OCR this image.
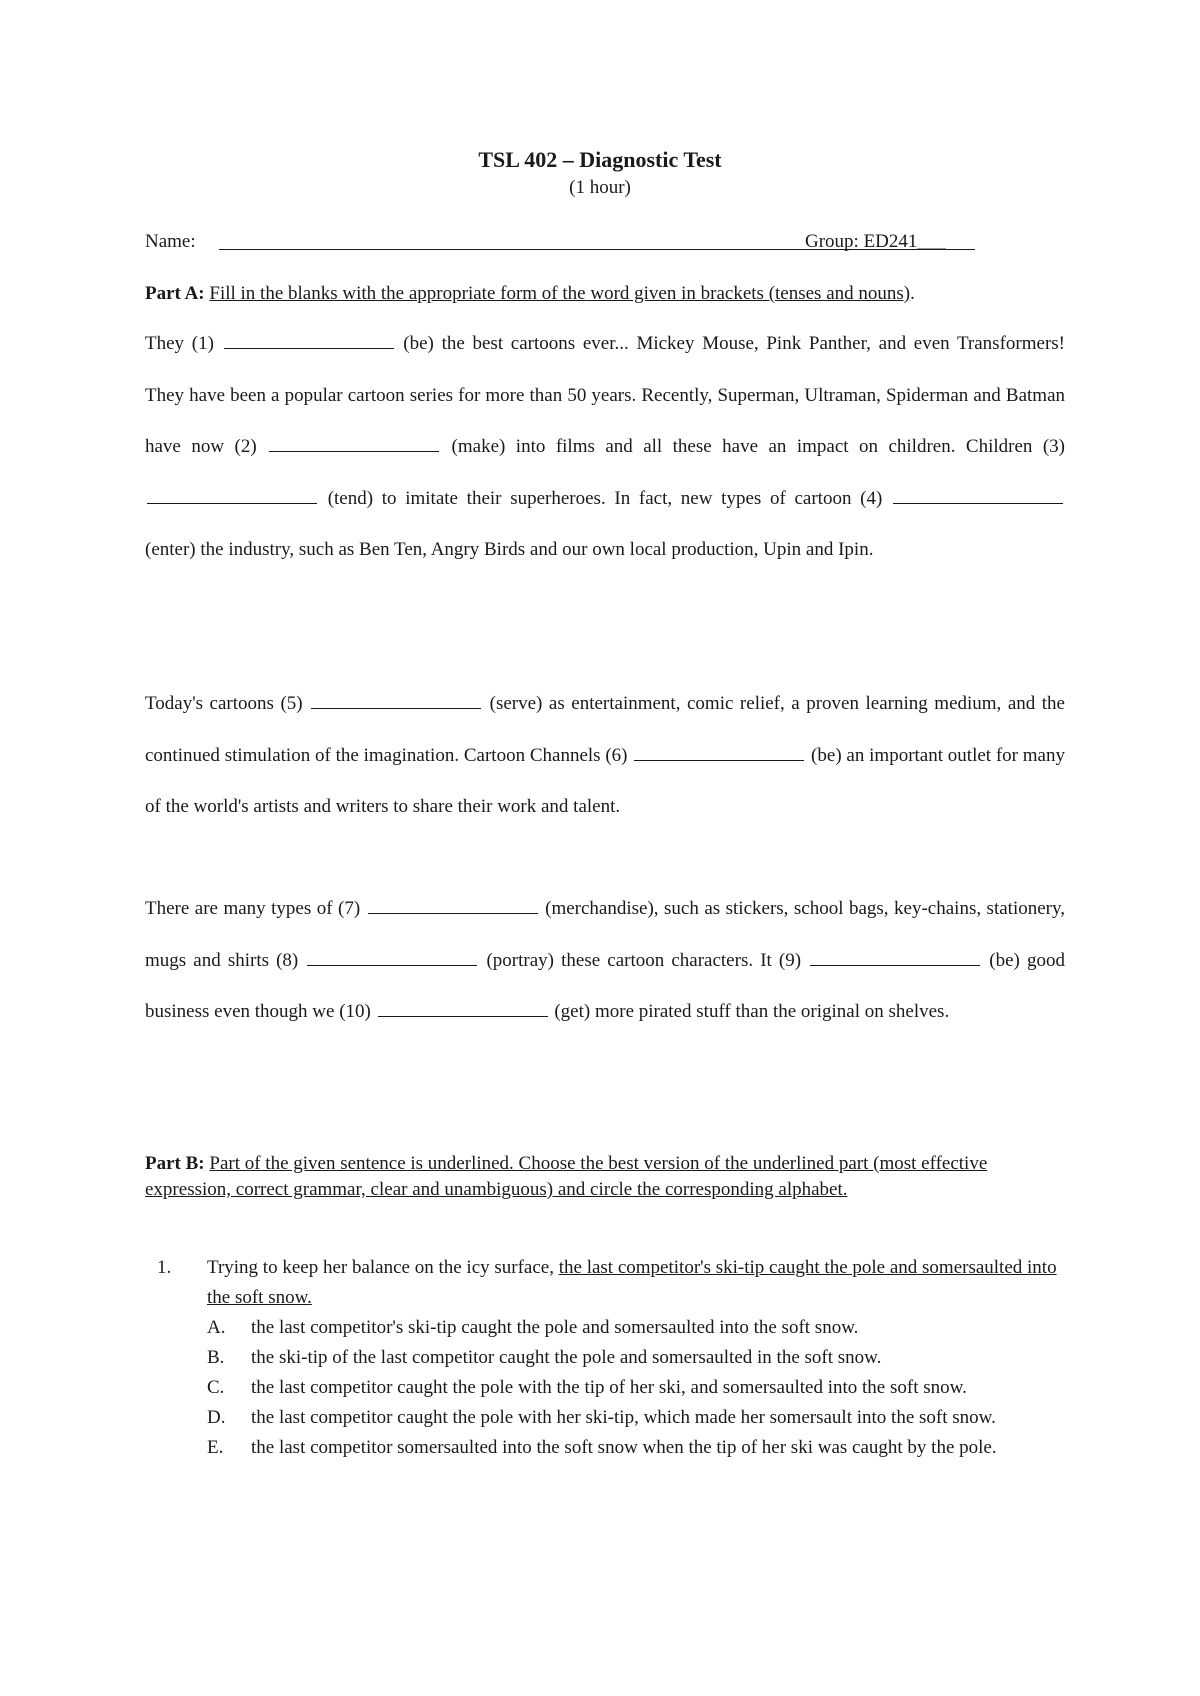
TSL 402 – Diagnostic Test
(1 hour)
Name:	Group: ED241___
Part A: Fill in the blanks with the appropriate form of the word given in brackets (tenses and nouns).

They (1)	(be) the best cartoons ever... Mickey Mouse, Pink Panther, and even Transformers! They have been a popular cartoon series for more than 50 years. Recently, Superman, Ultraman, Spiderman and Batman have now (2)	(make) into films and all these have an impact on children. Children (3)  (tend) to imitate their superheroes. In fact, new types of cartoon (4)  (enter) the industry, such as Ben Ten, Angry Birds and our own local production, Upin and Ipin.

Today's cartoons (5)	(serve) as entertainment, comic relief, a proven learning medium, and the continued stimulation of the imagination. Cartoon Channels (6)	(be) an important outlet for many of the world's artists and writers to share their work and talent.

There are many types of (7)	(merchandise), such as stickers, school bags, key-chains, stationery, mugs and shirts (8)	(portray) these cartoon characters. It (9)	(be) good business even though we (10)	(get) more pirated stuff than the original on shelves.

Part B: Part of the given sentence is underlined. Choose the best version of the underlined part (most effective expression, correct grammar, clear and unambiguous) and circle the corresponding alphabet.
1. Trying to keep her balance on the icy surface, the last competitor's ski-tip caught the pole and somersaulted into the soft snow.
A. the last competitor's ski-tip caught the pole and somersaulted into the soft snow.
B. the ski-tip of the last competitor caught the pole and somersaulted in the soft snow.
C. the last competitor caught the pole with the tip of her ski, and somersaulted into the soft snow.
D. the last competitor caught the pole with her ski-tip, which made her somersault into the soft snow.
E. the last competitor somersaulted into the soft snow when the tip of her ski was caught by the pole.
